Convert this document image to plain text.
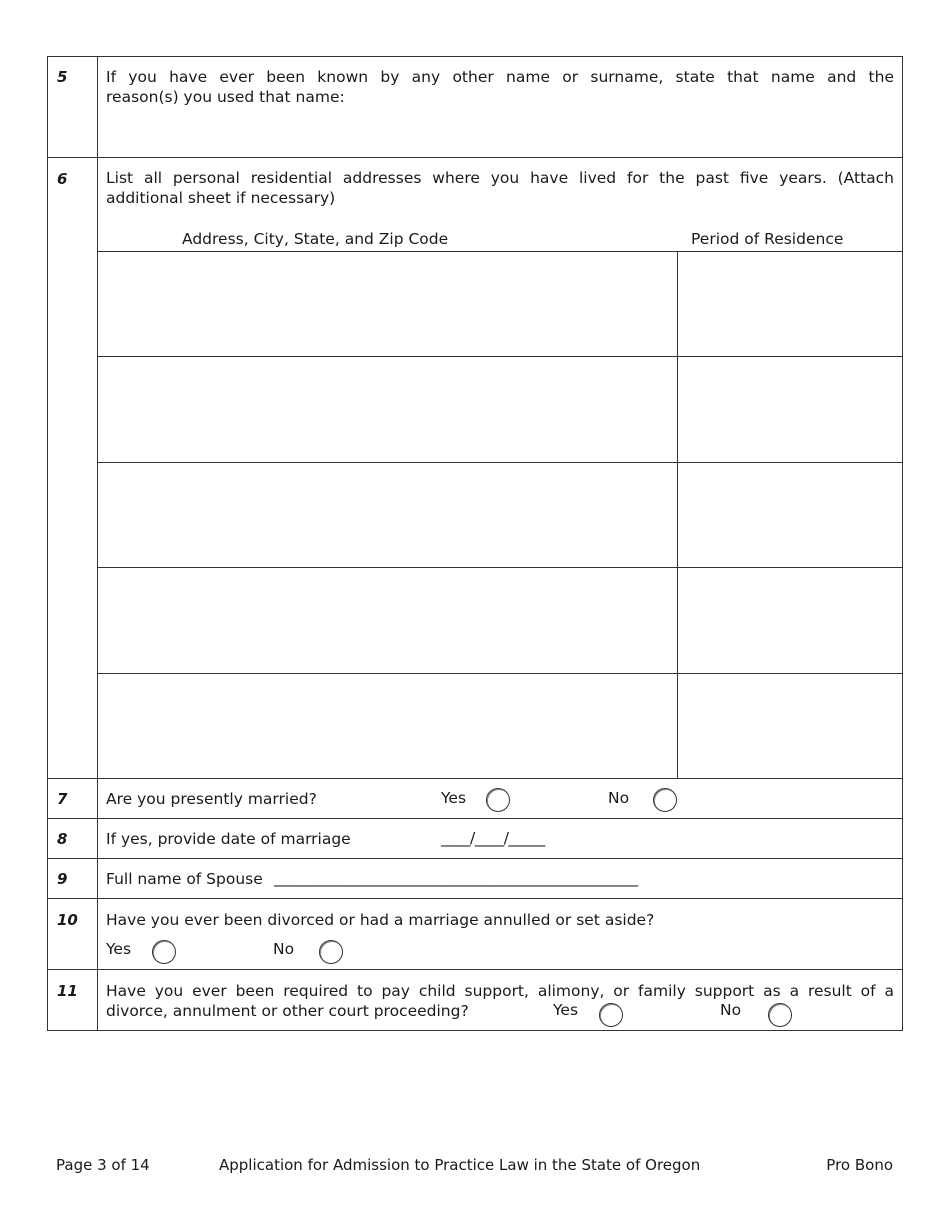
5 If you have ever been known by any other name or surname, state that name and the
reason(s) you used that name:
6 List all personal residential addresses where you have lived for the past five years. (Attach
additional sheet if necessary)
Address, City, State, and Zip Code	Period of Residence
7 Are you presently married?	Yes	No
8 If yes, provide date of marriage	____/____/_____
9 Full name of Spouse _____________________________________________________
10 Have you ever been divorced or had a marriage annulled or set aside?
Yes	No
11 Have you ever been required to pay child support, alimony, or family support as a result of a
divorce, annulment or other court proceeding?	Yes	No
Page 3 of 14	Application for Admission to Practice Law in the State of Oregon	Pro Bono
